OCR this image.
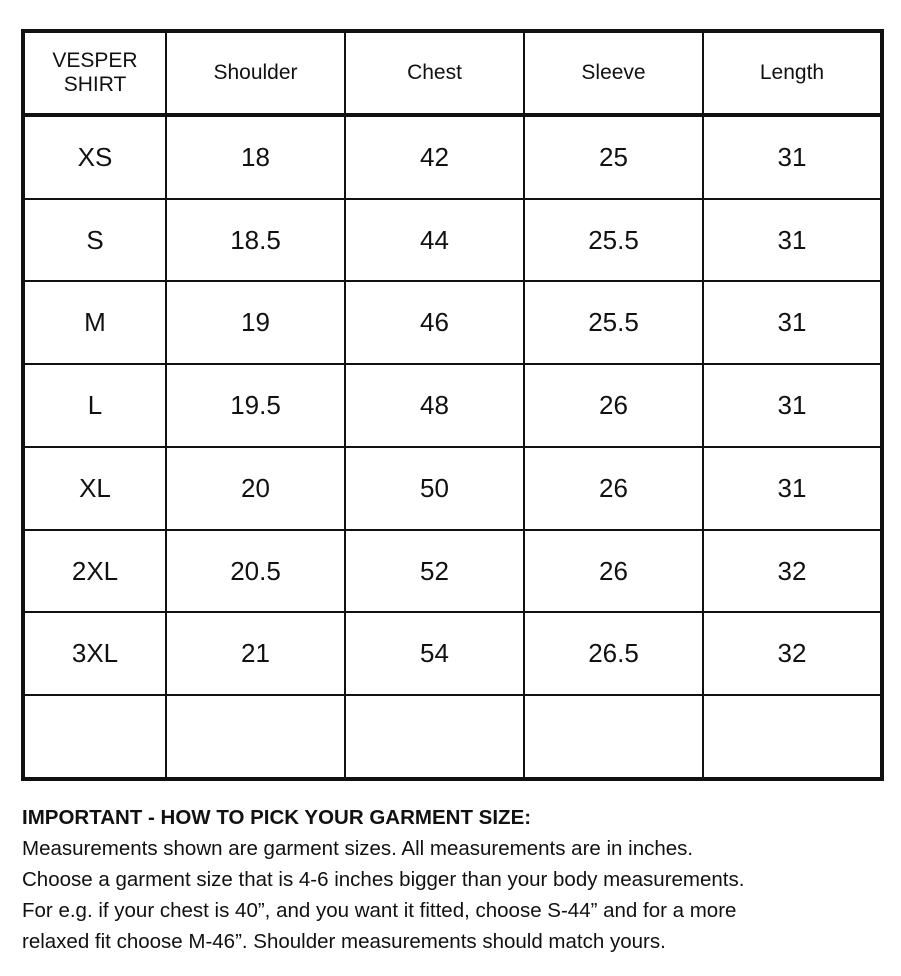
VESPER
SHIRT	Shoulder	Chest	Sleeve	Length
XS	18	42	25	31
S	18.5	44	25.5	31
M	19	46	25.5	31
L	19.5	48	26	31
XL	20	50	26	31
2XL	20.5	52	26	32
3XL	21	54	26.5	32

IMPORTANT - HOW TO PICK YOUR GARMENT SIZE:
Measurements shown are garment sizes. All measurements are in inches.
Choose a garment size that is 4-6 inches bigger than your body measurements.
For e.g. if your chest is 40”, and you want it fitted, choose S-44” and for a more
relaxed fit choose M-46”. Shoulder measurements should match yours.
